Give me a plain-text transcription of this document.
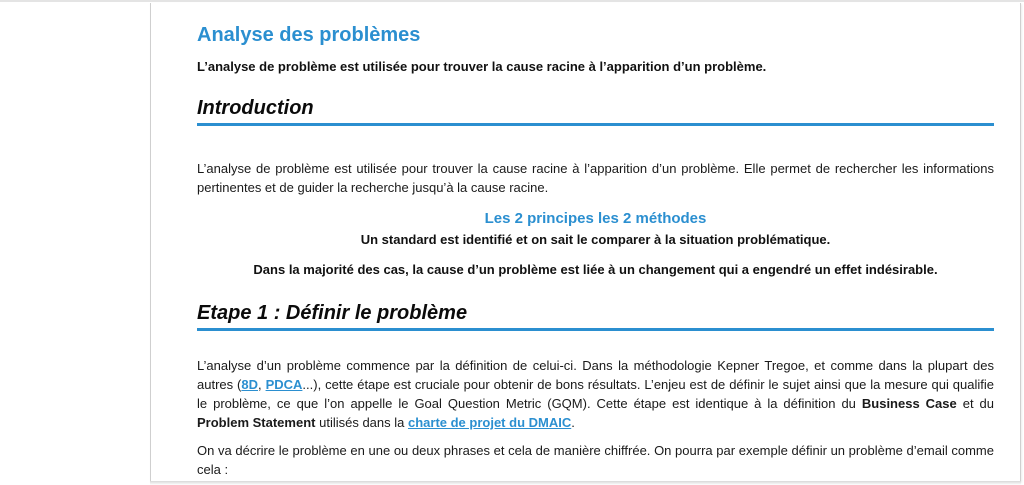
Analyse des problèmes

L’analyse de problème est utilisée pour trouver la cause racine à l’apparition d’un problème.

Introduction

L’analyse de problème est utilisée pour trouver la cause racine à l’apparition d’un problème. Elle permet de rechercher les informations pertinentes et de guider la recherche jusqu’à la cause racine.

Les 2 principes les 2 méthodes

Un standard est identifié et on sait le comparer à la situation problématique.

Dans la majorité des cas, la cause d’un problème est liée à un changement qui a engendré un effet indésirable.

Etape 1 : Définir le problème

L’analyse d’un problème commence par la définition de celui-ci. Dans la méthodologie Kepner Tregoe, et comme dans la plupart des autres (8D, PDCA...), cette étape est cruciale pour obtenir de bons résultats. L’enjeu est de définir le sujet ainsi que la mesure qui qualifie le problème, ce que l’on appelle le Goal Question Metric (GQM). Cette étape est identique à la définition du Business Case et du Problem Statement utilisés dans la charte de projet du DMAIC.

On va décrire le problème en une ou deux phrases et cela de manière chiffrée. On pourra par exemple définir un problème d’email comme cela :
